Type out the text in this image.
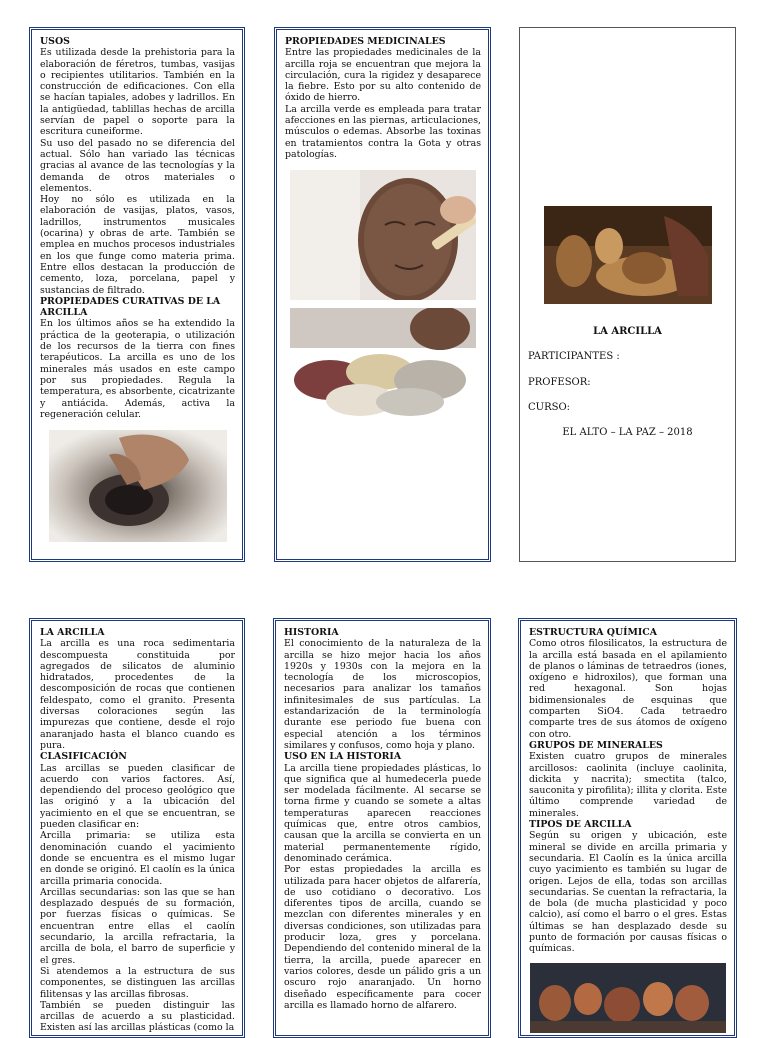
USOS

Es utilizada desde la prehistoria para la elaboración de féretros, tumbas, vasijas o recipientes utilitarios. También en la construcción de edificaciones. Con ella se hacían tapiales, adobes y ladrillos. En la antigüedad, tablillas hechas de arcilla servían de papel o soporte para la escritura cuneiforme.

Su uso del pasado no se diferencia del actual. Sólo han variado las técnicas gracias al avance de las tecnologías y la demanda de otros materiales o elementos.

Hoy no sólo es utilizada en la elaboración de vasijas, platos, vasos, ladrillos, instrumentos musicales (ocarina) y obras de arte. También se emplea en muchos procesos industriales en los que funge como materia prima. Entre ellos destacan la producción de cemento, loza, porcelana, papel y sustancias de filtrado.

PROPIEDADES CURATIVAS DE LA ARCILLA

En los últimos años se ha extendido la práctica de la geoterapia, o utilización de los recursos de la tierra con fines terapéuticos. La arcilla es uno de los minerales más usados en este campo por sus propiedades. Regula la temperatura, es absorbente, cicatrizante y antiácida. Además, activa la regeneración celular.

PROPIEDADES MEDICINALES

Entre las propiedades medicinales de la arcilla roja se encuentran que mejora la circulación, cura la rigidez y desaparece la fiebre. Esto por su alto contenido de óxido de hierro.

La arcilla verde es empleada para tratar afecciones en las piernas, articulaciones, músculos o edemas. Absorbe las toxinas en tratamientos contra la Gota y otras patologías.

LA ARCILLA
PARTICIPANTES :
PROFESOR:
CURSO:
EL ALTO – LA PAZ – 2018
LA ARCILLA

La arcilla es una roca sedimentaria descompuesta constituida por agregados de silicatos de aluminio hidratados, procedentes de la descomposición de rocas que contienen feldespato, como el granito. Presenta diversas coloraciones según las impurezas que contiene, desde el rojo anaranjado hasta el blanco cuando es pura.

CLASIFICACIÓN

Las arcillas se pueden clasificar de acuerdo con varios factores. Así, dependiendo del proceso geológico que las originó y a la ubicación del yacimiento en el que se encuentran, se pueden clasificar en:

Arcilla primaria: se utiliza esta denominación cuando el yacimiento donde se encuentra es el mismo lugar en donde se originó. El caolín es la única arcilla primaria conocida.

Arcillas secundarias: son las que se han desplazado después de su formación, por fuerzas físicas o químicas. Se encuentran entre ellas el caolín secundario, la arcilla refractaria, la arcilla de bola, el barro de superficie y el gres.

Si atendemos a la estructura de sus componentes, se distinguen las arcillas filitensas y las arcillas fibrosas.

También se pueden distinguir las arcillas de acuerdo a su plasticidad. Existen así las arcillas plásticas (como la

HISTORIA

El conocimiento de la naturaleza de la arcilla se hizo mejor hacia los años 1920s y 1930s con la mejora en la tecnología de los microscopios, necesarios para analizar los tamaños infinitesimales de sus partículas. La estandarización de la terminología durante ese periodo fue buena con especial atención a los términos similares y confusos, como hoja y plano.

USO EN LA HISTORIA

La arcilla tiene propiedades plásticas, lo que significa que al humedecerla puede ser modelada fácilmente. Al secarse se torna firme y cuando se somete a altas temperaturas aparecen reacciones químicas que, entre otros cambios, causan que la arcilla se convierta en un material permanentemente rígido, denominado cerámica.

Por estas propiedades la arcilla es utilizada para hacer objetos de alfarería, de uso cotidiano o decorativo. Los diferentes tipos de arcilla, cuando se mezclan con diferentes minerales y en diversas condiciones, son utilizadas para producir loza, gres y porcelana. Dependiendo del contenido mineral de la tierra, la arcilla, puede aparecer en varios colores, desde un pálido gris a un oscuro rojo anaranjado. Un horno diseñado específicamente para cocer arcilla es llamado horno de alfarero.

ESTRUCTURA QUÍMICA

Como otros filosilicatos, la estructura de la arcilla está basada en el apilamiento de planos o láminas de tetraedros (iones, oxígeno e hidroxilos), que forman una red hexagonal. Son hojas bidimensionales de esquinas que comparten SiO4. Cada tetraedro comparte tres de sus átomos de oxígeno con otro.

GRUPOS DE MINERALES

Existen cuatro grupos de minerales arcillosos: caolinita (incluye caolinita, dickita y nacrita); smectita (talco, sauconita y pirofilita); illita y clorita. Este último comprende variedad de minerales.

TIPOS DE ARCILLA

Según su origen y ubicación, este mineral se divide en arcilla primaria y secundaria. El Caolín es la única arcilla cuyo yacimiento es también su lugar de origen. Lejos de ella, todas son arcillas secundarias. Se cuentan la refractaria, la de bola (de mucha plasticidad y poco calcio), así como el barro o el gres. Estas últimas se han desplazado desde su punto de formación por causas físicas o químicas.
